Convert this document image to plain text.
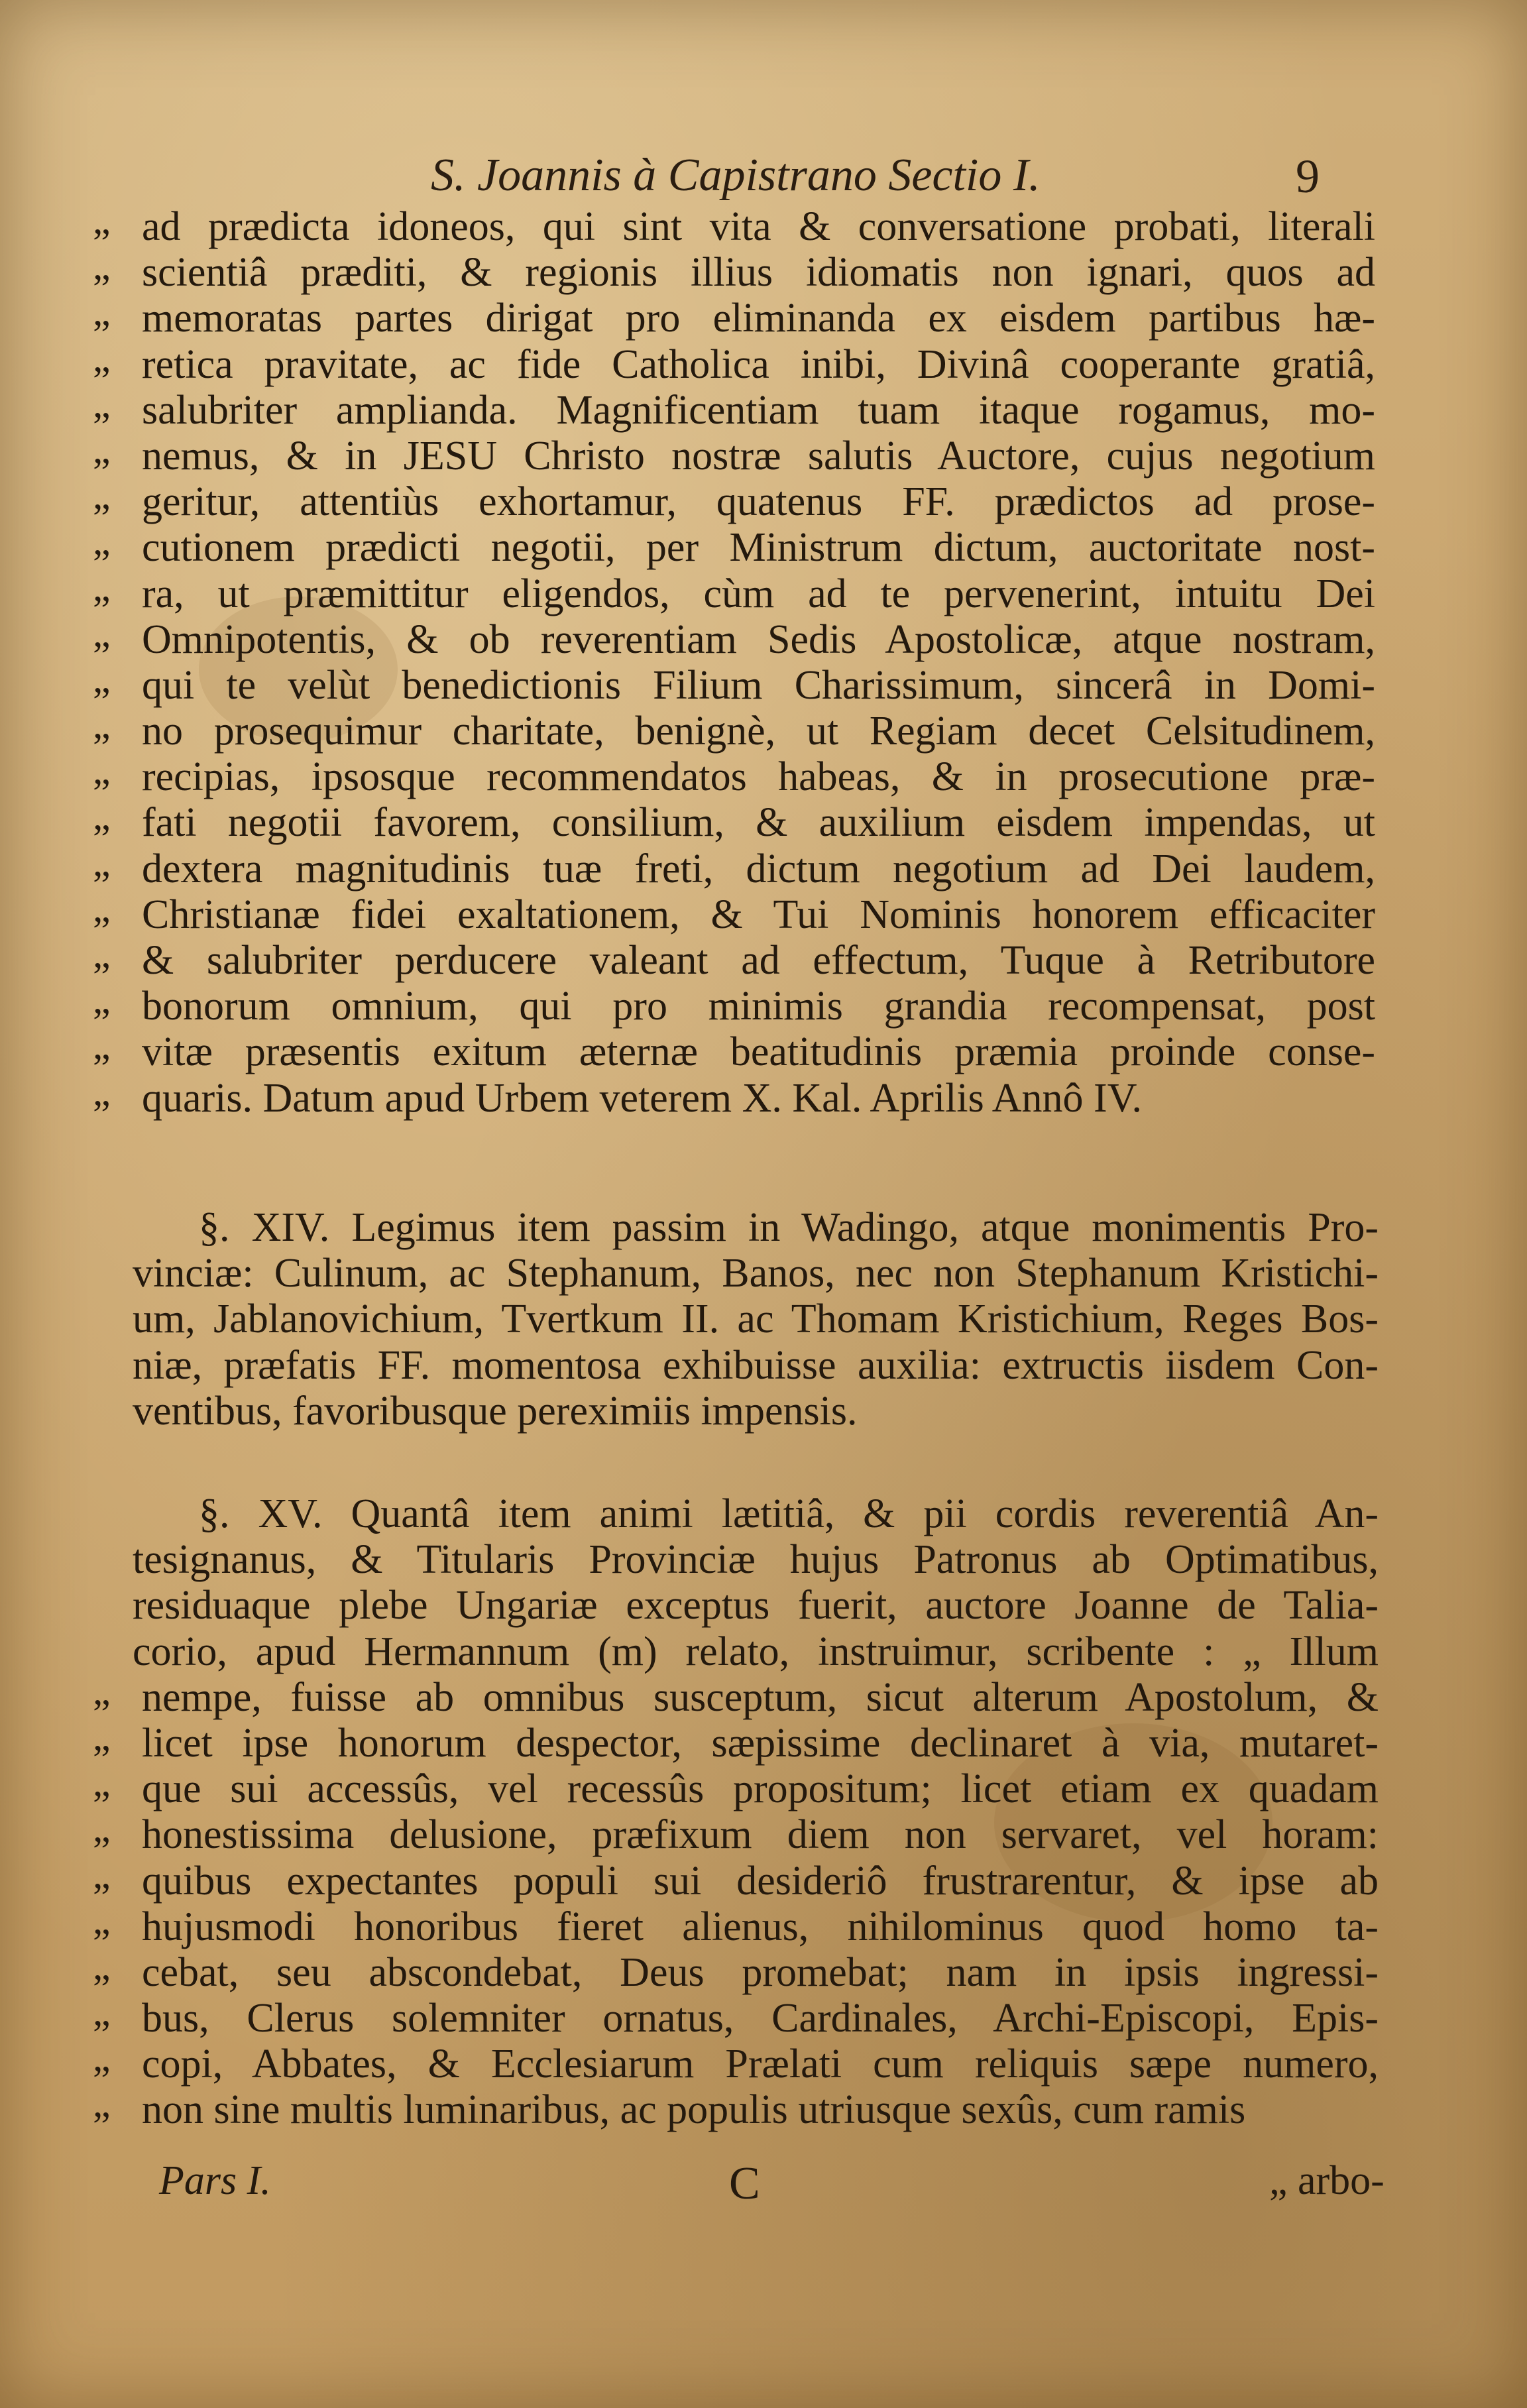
S. Joannis à Capistrano Sectio I.	9
„ ad prædicta idoneos, qui sint vita & conversatione probati, literali
„ scientiâ præditi, & regionis illius idiomatis non ignari, quos ad
„ memoratas partes dirigat pro eliminanda ex eisdem partibus hæ-
„ retica pravitate, ac fide Catholica inibi, Divinâ cooperante gratiâ,
„ salubriter amplianda. Magnificentiam tuam itaque rogamus, mo-
„ nemus, & in JESU Christo nostræ salutis Auctore, cujus negotium
„ geritur, attentiùs exhortamur, quatenus FF. prædictos ad prose-
„ cutionem prædicti negotii, per Ministrum dictum, auctoritate nost-
„ ra, ut præmittitur eligendos, cùm ad te pervenerint, intuitu Dei
„ Omnipotentis, & ob reverentiam Sedis Apostolicæ, atque nostram,
„ qui te velùt benedictionis Filium Charissimum, sincerâ in Domi-
„ no prosequimur charitate, benignè, ut Regiam decet Celsitudinem,
„ recipias, ipsosque recommendatos habeas, & in prosecutione præ-
„ fati negotii favorem, consilium, & auxilium eisdem impendas, ut
„ dextera magnitudinis tuæ freti, dictum negotium ad Dei laudem,
„ Christianæ fidei exaltationem, & Tui Nominis honorem efficaciter
„ & salubriter perducere valeant ad effectum, Tuque à Retributore
„ bonorum omnium, qui pro minimis grandia recompensat, post
„ vitæ præsentis exitum æternæ beatitudinis præmia proinde conse-
„ quaris. Datum apud Urbem veterem X. Kal. Aprilis Annô IV.
§. XIV. Legimus item passim in Wadingo, atque monimentis Pro-
vinciæ: Culinum, ac Stephanum, Banos, nec non Stephanum Kristichi-
um, Jablanovichium, Tvertkum II. ac Thomam Kristichium, Reges Bos-
niæ, præfatis FF. momentosa exhibuisse auxilia: extructis iisdem Con-
ventibus, favoribusque pereximiis impensis.
§. XV. Quantâ item animi lætitiâ, & pii cordis reverentiâ An-
tesignanus, & Titularis Provinciæ hujus Patronus ab Optimatibus,
residuaque plebe Ungariæ exceptus fuerit, auctore Joanne de Talia-
corio, apud Hermannum (m) relato, instruimur, scribente : „ Illum
„ nempe, fuisse ab omnibus susceptum, sicut alterum Apostolum, &
„ licet ipse honorum despector, sæpissime declinaret à via, mutaret-
„ que sui accessûs, vel recessûs propositum; licet etiam ex quadam
„ honestissima delusione, præfixum diem non servaret, vel horam:
„ quibus expectantes populi sui desideriô frustrarentur, & ipse ab
„ hujusmodi honoribus fieret alienus, nihilominus quod homo ta-
„ cebat, seu abscondebat, Deus promebat; nam in ipsis ingressi-
„ bus, Clerus solemniter ornatus, Cardinales, Archi-Episcopi, Epis-
„ copi, Abbates, & Ecclesiarum Prælati cum reliquis sæpe numero,
„ non sine multis luminaribus, ac populis utriusque sexûs, cum ramis
Pars I.	C	„ arbo-
